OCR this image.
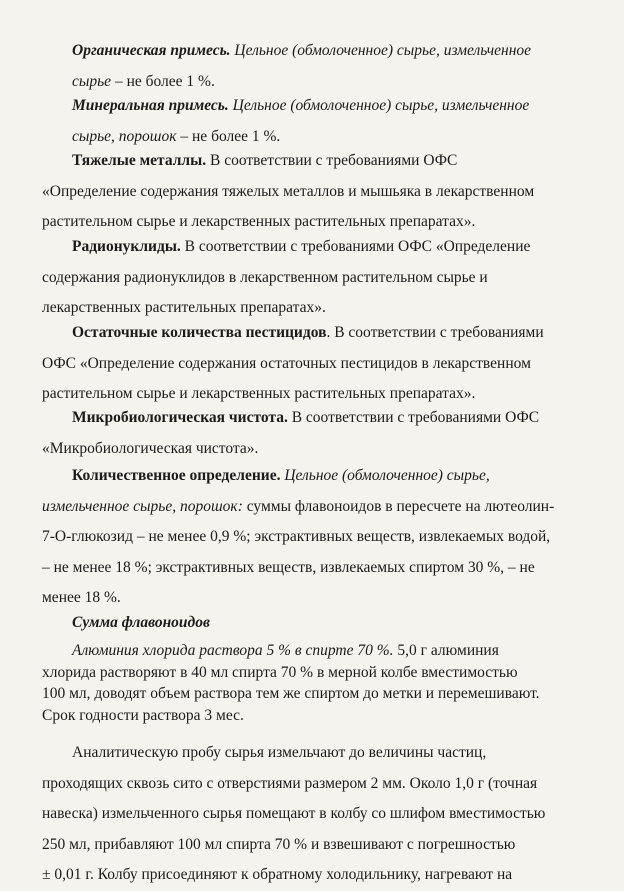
Органическая примесь. Цельное (обмолоченное) сырье, измельченное
сырье – не более 1 %.
Минеральная примесь. Цельное (обмолоченное) сырье, измельченное
сырье, порошок – не более 1 %.
Тяжелые металлы. В соответствии с требованиями ОФС
«Определение содержания тяжелых металлов и мышьяка в лекарственном
растительном сырье и лекарственных растительных препаратах».
Радионуклиды. В соответствии с требованиями ОФС «Определение
содержания радионуклидов в лекарственном растительном сырье и
лекарственных растительных препаратах».
Остаточные количества пестицидов. В соответствии с требованиями
ОФС «Определение содержания остаточных пестицидов в лекарственном
растительном сырье и лекарственных растительных препаратах».
Микробиологическая чистота. В соответствии с требованиями ОФС
«Микробиологическая чистота».
Количественное определение. Цельное (обмолоченное) сырье,
измельченное сырье, порошок: суммы флавоноидов в пересчете на лютеолин-
7-О-глюкозид – не менее 0,9 %; экстрактивных веществ, извлекаемых водой,
– не менее 18 %; экстрактивных веществ, извлекаемых спиртом 30 %, – не
менее 18 %.
Сумма флавоноидов
Алюминия хлорида раствора 5 % в спирте 70 %. 5,0 г алюминия
хлорида растворяют в 40 мл спирта 70 % в мерной колбе вместимостью
100 мл, доводят объем раствора тем же спиртом до метки и перемешивают.
Срок годности раствора 3 мес.
Аналитическую пробу сырья измельчают до величины частиц,
проходящих сквозь сито с отверстиями размером 2 мм. Около 1,0 г (точная
навеска) измельченного сырья помещают в колбу со шлифом вместимостью
250 мл, прибавляют 100 мл спирта 70 % и взвешивают с погрешностью
± 0,01 г. Колбу присоединяют к обратному холодильнику, нагревают на
